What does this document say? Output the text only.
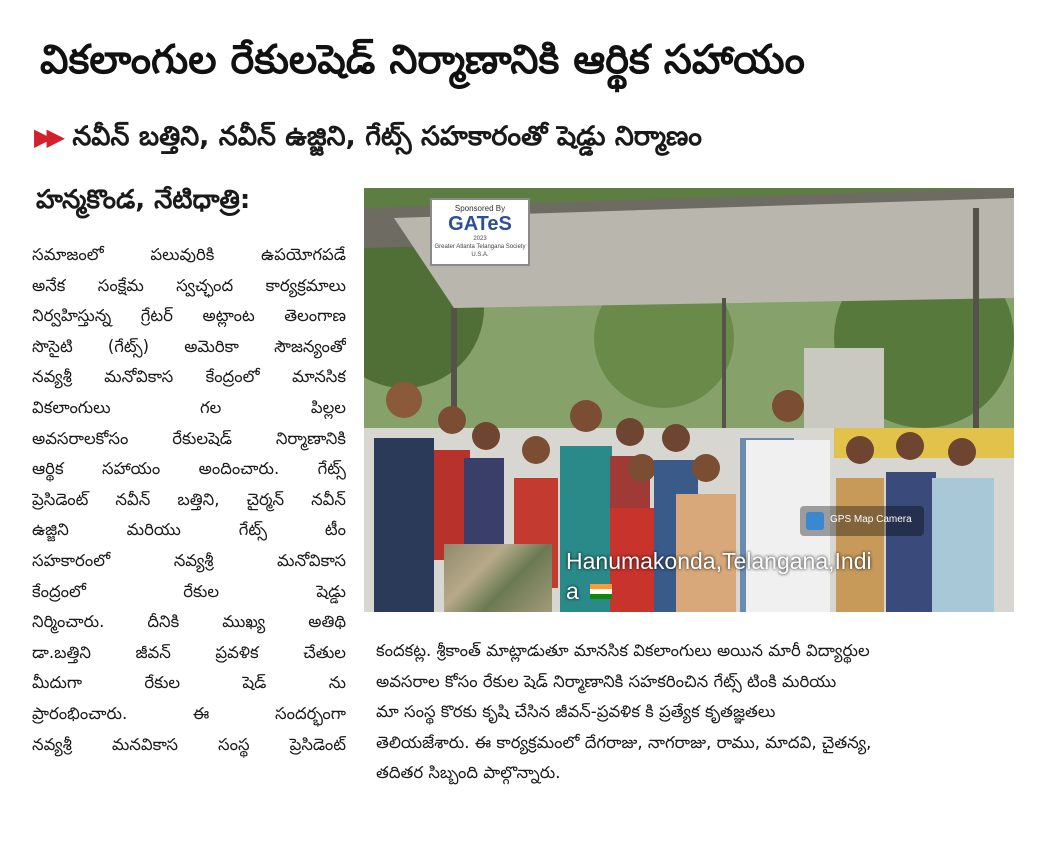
వికలాంగుల రేకులషెడ్ నిర్మాణానికి ఆర్థిక సహాయం
▶▶ నవీన్ బత్తిని, నవీన్ ఉజ్జిని, గేట్స్ సహకారంతో షెడ్డు నిర్మాణం
హన్మకొండ, నేటిధాత్రి:
సమాజంలో పలువురికి ఉపయోగపడే
అనేక సంక్షేమ స్వచ్ఛంద కార్యక్రమాలు
నిర్వహిస్తున్న గ్రేటర్ అట్లాంట తెలంగాణ
సొసైటి (గేట్స్) అమెరికా సౌజన్యంతో
నవ్యశ్రీ మనోవికాస కేంద్రంలో మానసిక
వికలాంగులు గల పిల్లల
అవసరాలకోసం రేకులషెడ్ నిర్మాణానికి
ఆర్థిక సహాయం అందించారు. గేట్స్
ప్రెసిడెంట్ నవీన్ బత్తిని, చైర్మన్ నవీన్
ఉజ్జిని మరియు గేట్స్ టీం
సహకారంలో నవ్యశ్రీ మనోవికాస
కేంద్రంలో రేకుల షెడ్డు
నిర్మించారు. దీనికి ముఖ్య అతిథి
డా.బత్తిని జీవన్ ప్రవళిక చేతుల
మీదుగా రేకుల షెడ్ ను
ప్రారంభించారు. ఈ సందర్భంగా
నవ్యశ్రీ మనవికాస సంస్థ ప్రెసిడెంట్
Sponsored By
GATeS
2023
Greater Atlanta Telangana Society U.S.A.
GPS Map Camera
Hanumakonda,Telangana,Indi
a
కందకట్ల. శ్రీకాంత్ మాట్లాడుతూ మానసిక వికలాంగులు అయిన మారీ విద్యార్థుల
అవసరాల కోసం రేకుల షెడ్ నిర్మాణానికి సహకరించిన గేట్స్ టింకి మరియు
మా సంస్థ కొరకు కృషి చేసిన జీవన్-ప్రవళిక కి ప్రత్యేక కృతజ్ఞతలు
తెలియజేశారు. ఈ కార్యక్రమంలో దేగరాజు, నాగరాజు, రాము, మాదవి, చైతన్య,
తదితర సిబ్బంది పాల్గొన్నారు.
